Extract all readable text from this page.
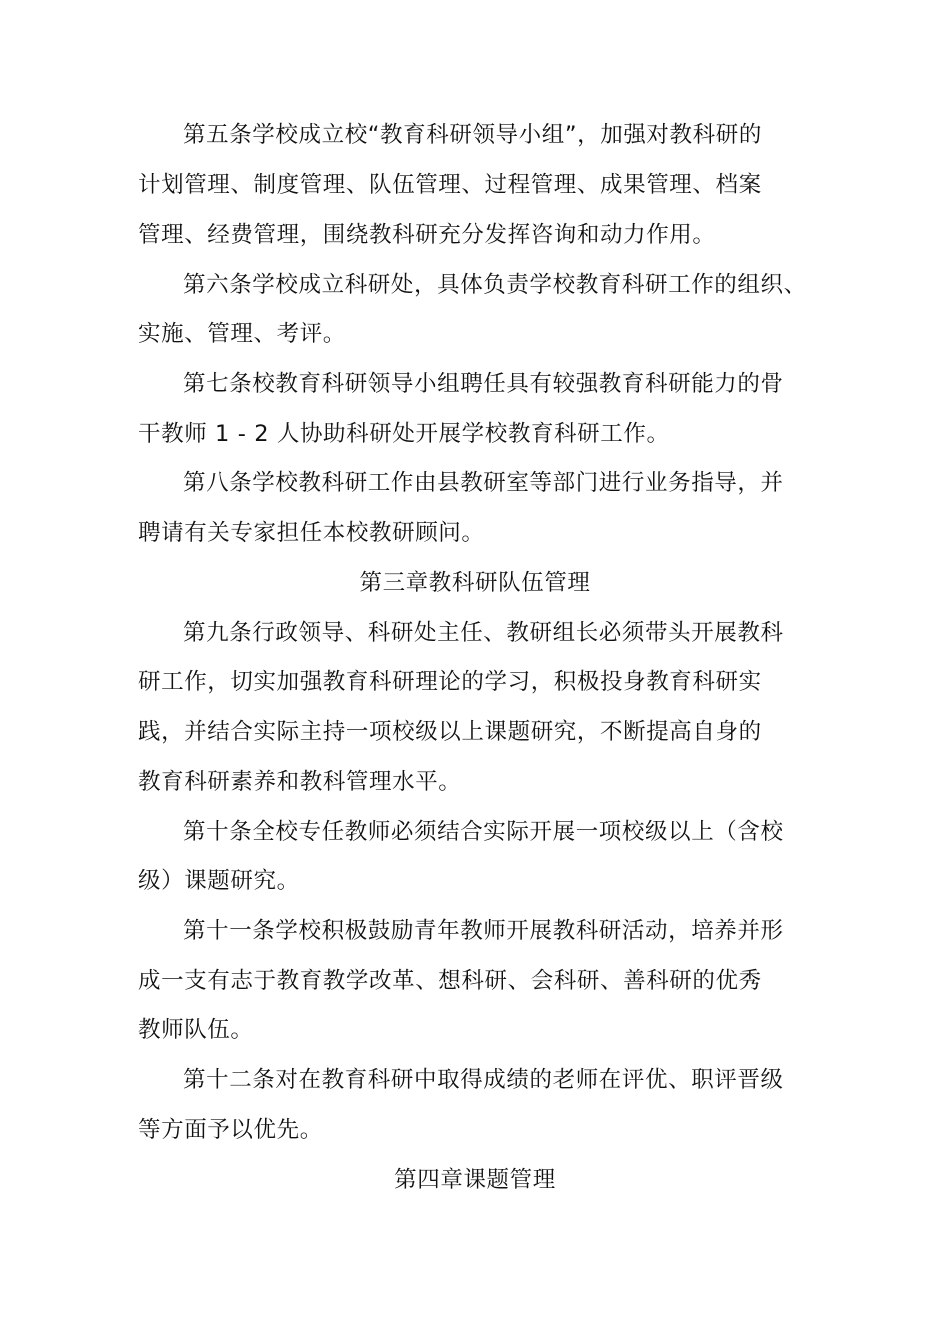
第五条学校成立校“教育科研领导小组”，加强对教科研的
计划管理、制度管理、队伍管理、过程管理、成果管理、档案
管理、经费管理，围绕教科研充分发挥咨询和动力作用。
第六条学校成立科研处，具体负责学校教育科研工作的组织、
实施、管理、考评。
第七条校教育科研领导小组聘任具有较强教育科研能力的骨
干教师 1 - 2 人协助科研处开展学校教育科研工作。
第八条学校教科研工作由县教研室等部门进行业务指导，并
聘请有关专家担任本校教研顾问。
第三章教科研队伍管理
第九条行政领导、科研处主任、教研组长必须带头开展教科
研工作，切实加强教育科研理论的学习，积极投身教育科研实
践，并结合实际主持一项校级以上课题研究，不断提高自身的
教育科研素养和教科管理水平。
第十条全校专任教师必须结合实际开展一项校级以上（含校
级）课题研究。
第十一条学校积极鼓励青年教师开展教科研活动，培养并形
成一支有志于教育教学改革、想科研、会科研、善科研的优秀
教师队伍。
第十二条对在教育科研中取得成绩的老师在评优、职评晋级
等方面予以优先。
第四章课题管理
